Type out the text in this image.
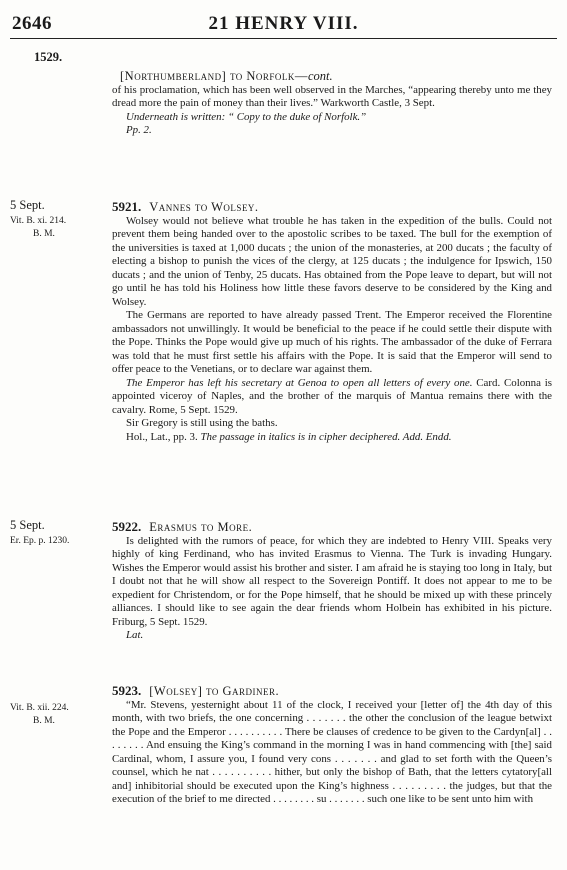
2646	21 HENRY VIII.
1529.

[Northumberland] to Norfolk—cont.

of his proclamation, which has been well observed in the Marches, “appearing thereby unto me they dread more the pain of money than their lives.” Warkworth Castle, 3 Sept.

Underneath is written: “ Copy to the duke of Norfolk.”

Pp. 2.

5 Sept.
Vit. B. xi. 214.
B. M.

5921. Vannes to Wolsey.

Wolsey would not believe what trouble he has taken in the expedition of the bulls. Could not prevent them being handed over to the apostolic scribes to be taxed. The bull for the exemption of the universities is taxed at 1,000 ducats ; the union of the monasteries, at 200 ducats ; the faculty of electing a bishop to punish the vices of the clergy, at 125 ducats ; the indulgence for Ipswich, 150 ducats ; and the union of Tenby, 25 ducats. Has obtained from the Pope leave to depart, but will not go until he has told his Holiness how little these favors deserve to be considered by the King and Wolsey.

The Germans are reported to have already passed Trent. The Emperor received the Florentine ambassadors not unwillingly. It would be beneficial to the peace if he could settle their dispute with the Pope. Thinks the Pope would give up much of his rights. The ambassador of the duke of Ferrara was told that he must first settle his affairs with the Pope. It is said that the Emperor will send to offer peace to the Venetians, or to declare war against them.

The Emperor has left his secretary at Genoa to open all letters of every one. Card. Colonna is appointed viceroy of Naples, and the brother of the marquis of Mantua remains there with the cavalry. Rome, 5 Sept. 1529.

Sir Gregory is still using the baths.

Hol., Lat., pp. 3. The passage in italics is in cipher deciphered. Add. Endd.

5 Sept.
Er. Ep. p. 1230.

5922. Erasmus to More.

Is delighted with the rumors of peace, for which they are indebted to Henry VIII. Speaks very highly of king Ferdinand, who has invited Erasmus to Vienna. The Turk is invading Hungary. Wishes the Emperor would assist his brother and sister. I am afraid he is staying too long in Italy, but I doubt not that he will show all respect to the Sovereign Pontiff. It does not appear to me to be expedient for Christendom, or for the Pope himself, that he should be mixed up with these princely alliances. I should like to see again the dear friends whom Holbein has exhibited in his picture. Friburg, 5 Sept. 1529.

Lat.

Vit. B. xii. 224.
B. M.

5923. [Wolsey] to Gardiner.

“Mr. Stevens, yesternight about 11 of the clock, I received your [letter of] the 4th day of this month, with two briefs, the one concerning . . . . . . . the other the conclusion of the league betwixt the Pope and the Emperor . . . . . . . . . . There be clauses of credence to be given to the Cardyn[al] . . . . . . . . And ensuing the King’s command in the morning I was in hand commencing with [the] said Cardinal, whom, I assure you, I found very cons . . . . . . . and glad to set forth with the Queen’s counsel, which he nat . . . . . . . . . . hither, but only the bishop of Bath, that the letters cytatory[all and] inhibitorial should be executed upon the King’s highness . . . . . . . . . the judges, but that the execution of the brief to me directed . . . . . . . . su . . . . . . . such one like to be sent unto him with
